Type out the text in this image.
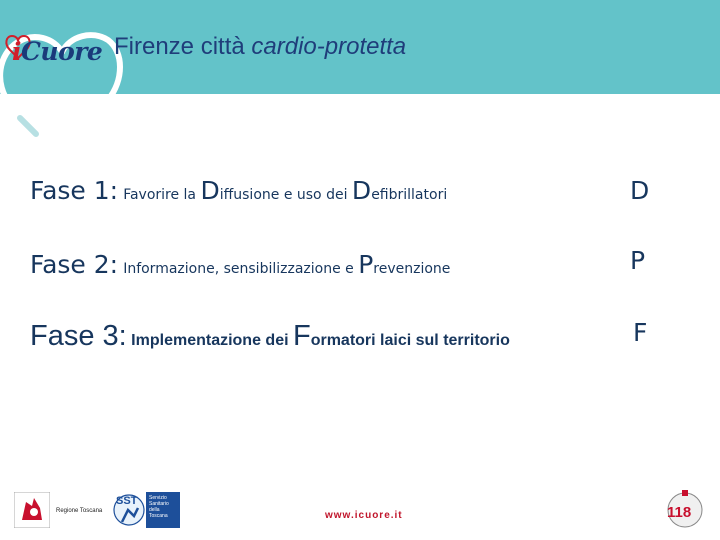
iCuore Firenze città cardio-protetta
Fase 1: Favorire la Diffusione e uso dei Defibrillatori	D
Fase 2: Informazione, sensibilizzazione e Prevenzione	P
Fase 3: Implementazione dei Formatori laici sul territorio	F
Regione Toscana
SST Servizio
Sanitario
della
Toscana	www.icuore.it	118
